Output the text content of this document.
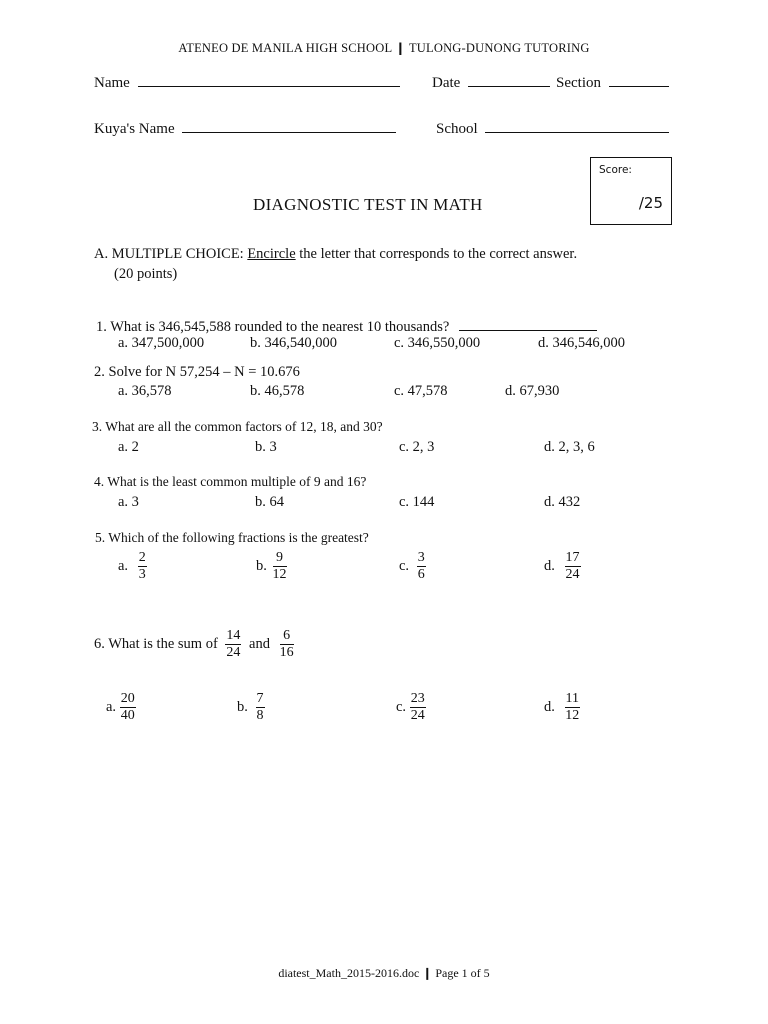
ATENEO DE MANILA HIGH SCHOOL ❙ TULONG-DUNONG TUTORING
Name	Date	Section
Kuya's Name	School
Score:
/25
DIAGNOSTIC TEST IN MATH
A. MULTIPLE CHOICE: Encircle the letter that corresponds to the correct answer.
(20 points)
1. What is 346,545,588 rounded to the nearest 10 thousands?
a. 347,500,000	b. 346,540,000	c. 346,550,000	d. 346,546,000
2. Solve for N 57,254 – N = 10.676
a. 36,578	b. 46,578	c. 47,578	d. 67,930
3. What are all the common factors of 12, 18, and 30?
a. 2	b. 3	c. 2, 3	d. 2, 3, 6
4. What is the least common multiple of 9 and 16?
a. 3	b. 64	c. 144	d. 432
5. Which of the following fractions is the greatest?
a. $\frac{2}{3}$	b. $\frac{9}{12}$	c. $\frac{3}{6}$	d. $\frac{17}{24}$
6. What is the sum of $\frac{14}{24}$ and $\frac{6}{16}$
a. $\frac{20}{40}$	b. $\frac{7}{8}$	c. $\frac{23}{24}$	d. $\frac{11}{12}$
diatest_Math_2015-2016.doc ❙ Page 1 of 5
